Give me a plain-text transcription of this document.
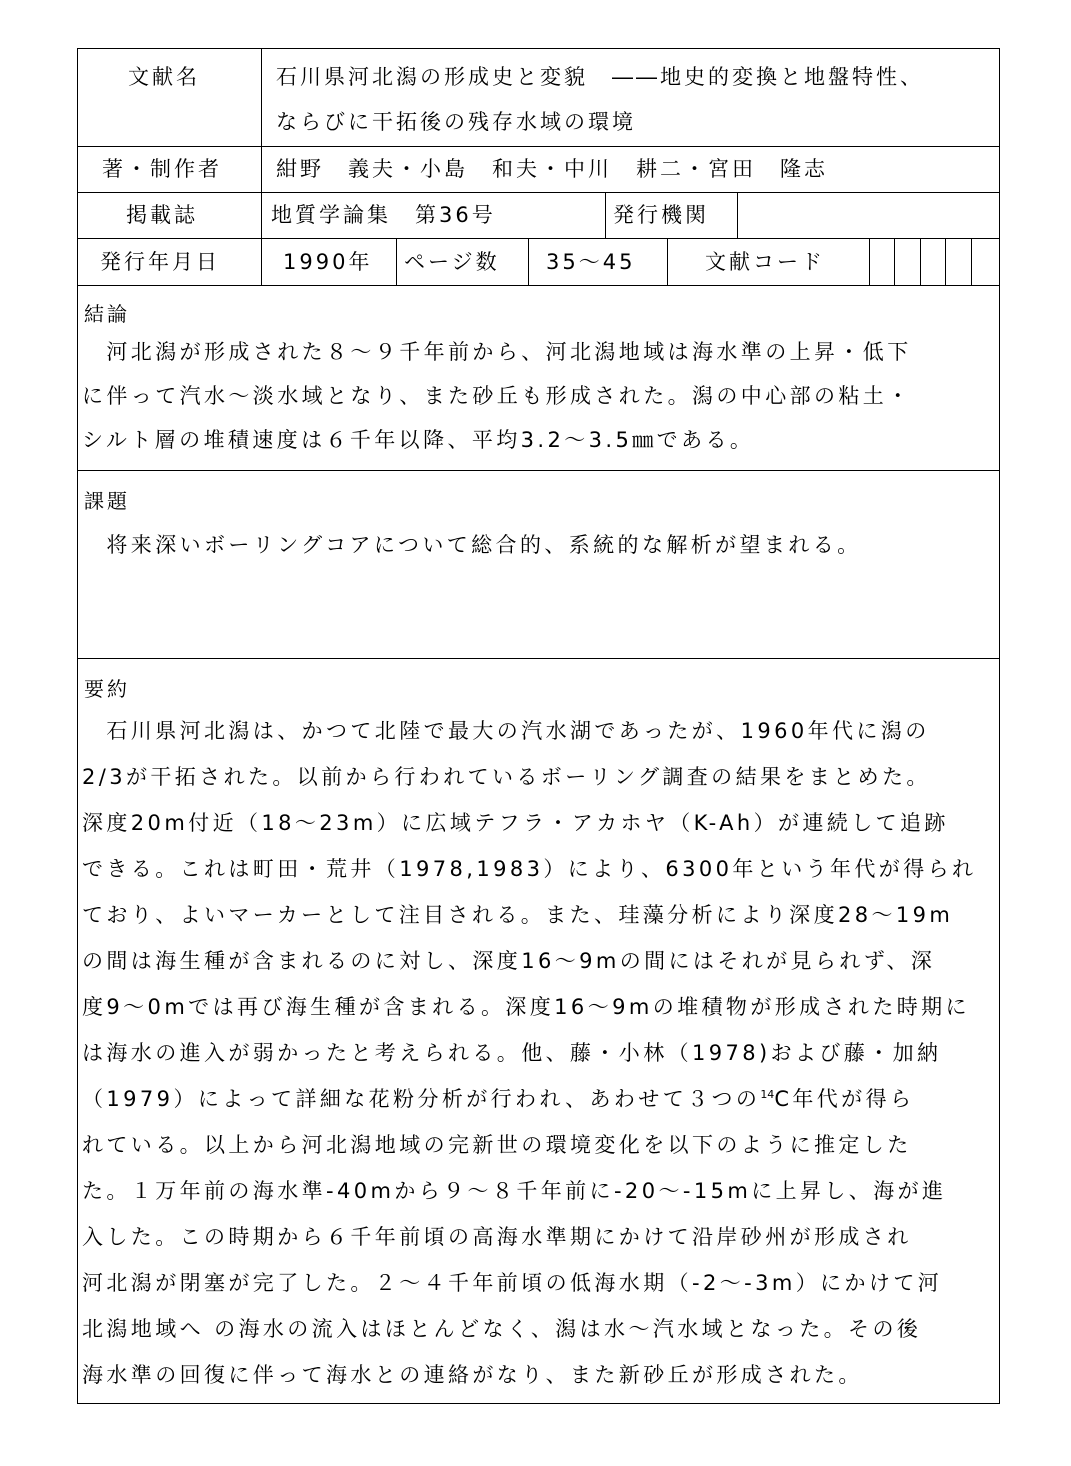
文献名	石川県河北潟の形成史と変貌　――地史的変換と地盤特性、
ならびに干拓後の残存水域の環境
著・制作者	紺野　義夫・小島　和夫・中川　耕二・宮田　隆志
掲載誌	地質学論集　第36号	発行機関
発行年月日	1990年 ページ数 35～45	文献コード
結論
　河北潟が形成された８～９千年前から、河北潟地域は海水準の上昇・低下
に伴って汽水～淡水域となり、また砂丘も形成された。潟の中心部の粘土・
シルト層の堆積速度は６千年以降、平均3.2～3.5㎜である。
課題
　将来深いボーリングコアについて総合的、系統的な解析が望まれる。
要約
　石川県河北潟は、かつて北陸で最大の汽水湖であったが、1960年代に潟の
2/3が干拓された。以前から行われているボーリング調査の結果をまとめた。
深度20m付近（18～23m）に広域テフラ・アカホヤ（K-Ah）が連続して追跡
できる。これは町田・荒井（1978,1983）により、6300年という年代が得られ
ており、よいマーカーとして注目される。また、珪藻分析により深度28～19m
の間は海生種が含まれるのに対し、深度16～9mの間にはそれが見られず、深
度9～0mでは再び海生種が含まれる。深度16～9mの堆積物が形成された時期に
は海水の進入が弱かったと考えられる。他、藤・小林（1978)および藤・加納
（1979）によって詳細な花粉分析が行われ、あわせて３つの$^{14}$C年代が得ら
れている。以上から河北潟地域の完新世の環境変化を以下のように推定した
た。１万年前の海水準-40mから９～８千年前に-20～-15mに上昇し、海が進
入した。この時期から６千年前頃の高海水準期にかけて沿岸砂州が形成され
河北潟が閉塞が完了した。２～４千年前頃の低海水期（-2～-3m）にかけて河
北潟地域へ の海水の流入はほとんどなく、潟は水～汽水域となった。その後
海水準の回復に伴って海水との連絡がなり、また新砂丘が形成された。
